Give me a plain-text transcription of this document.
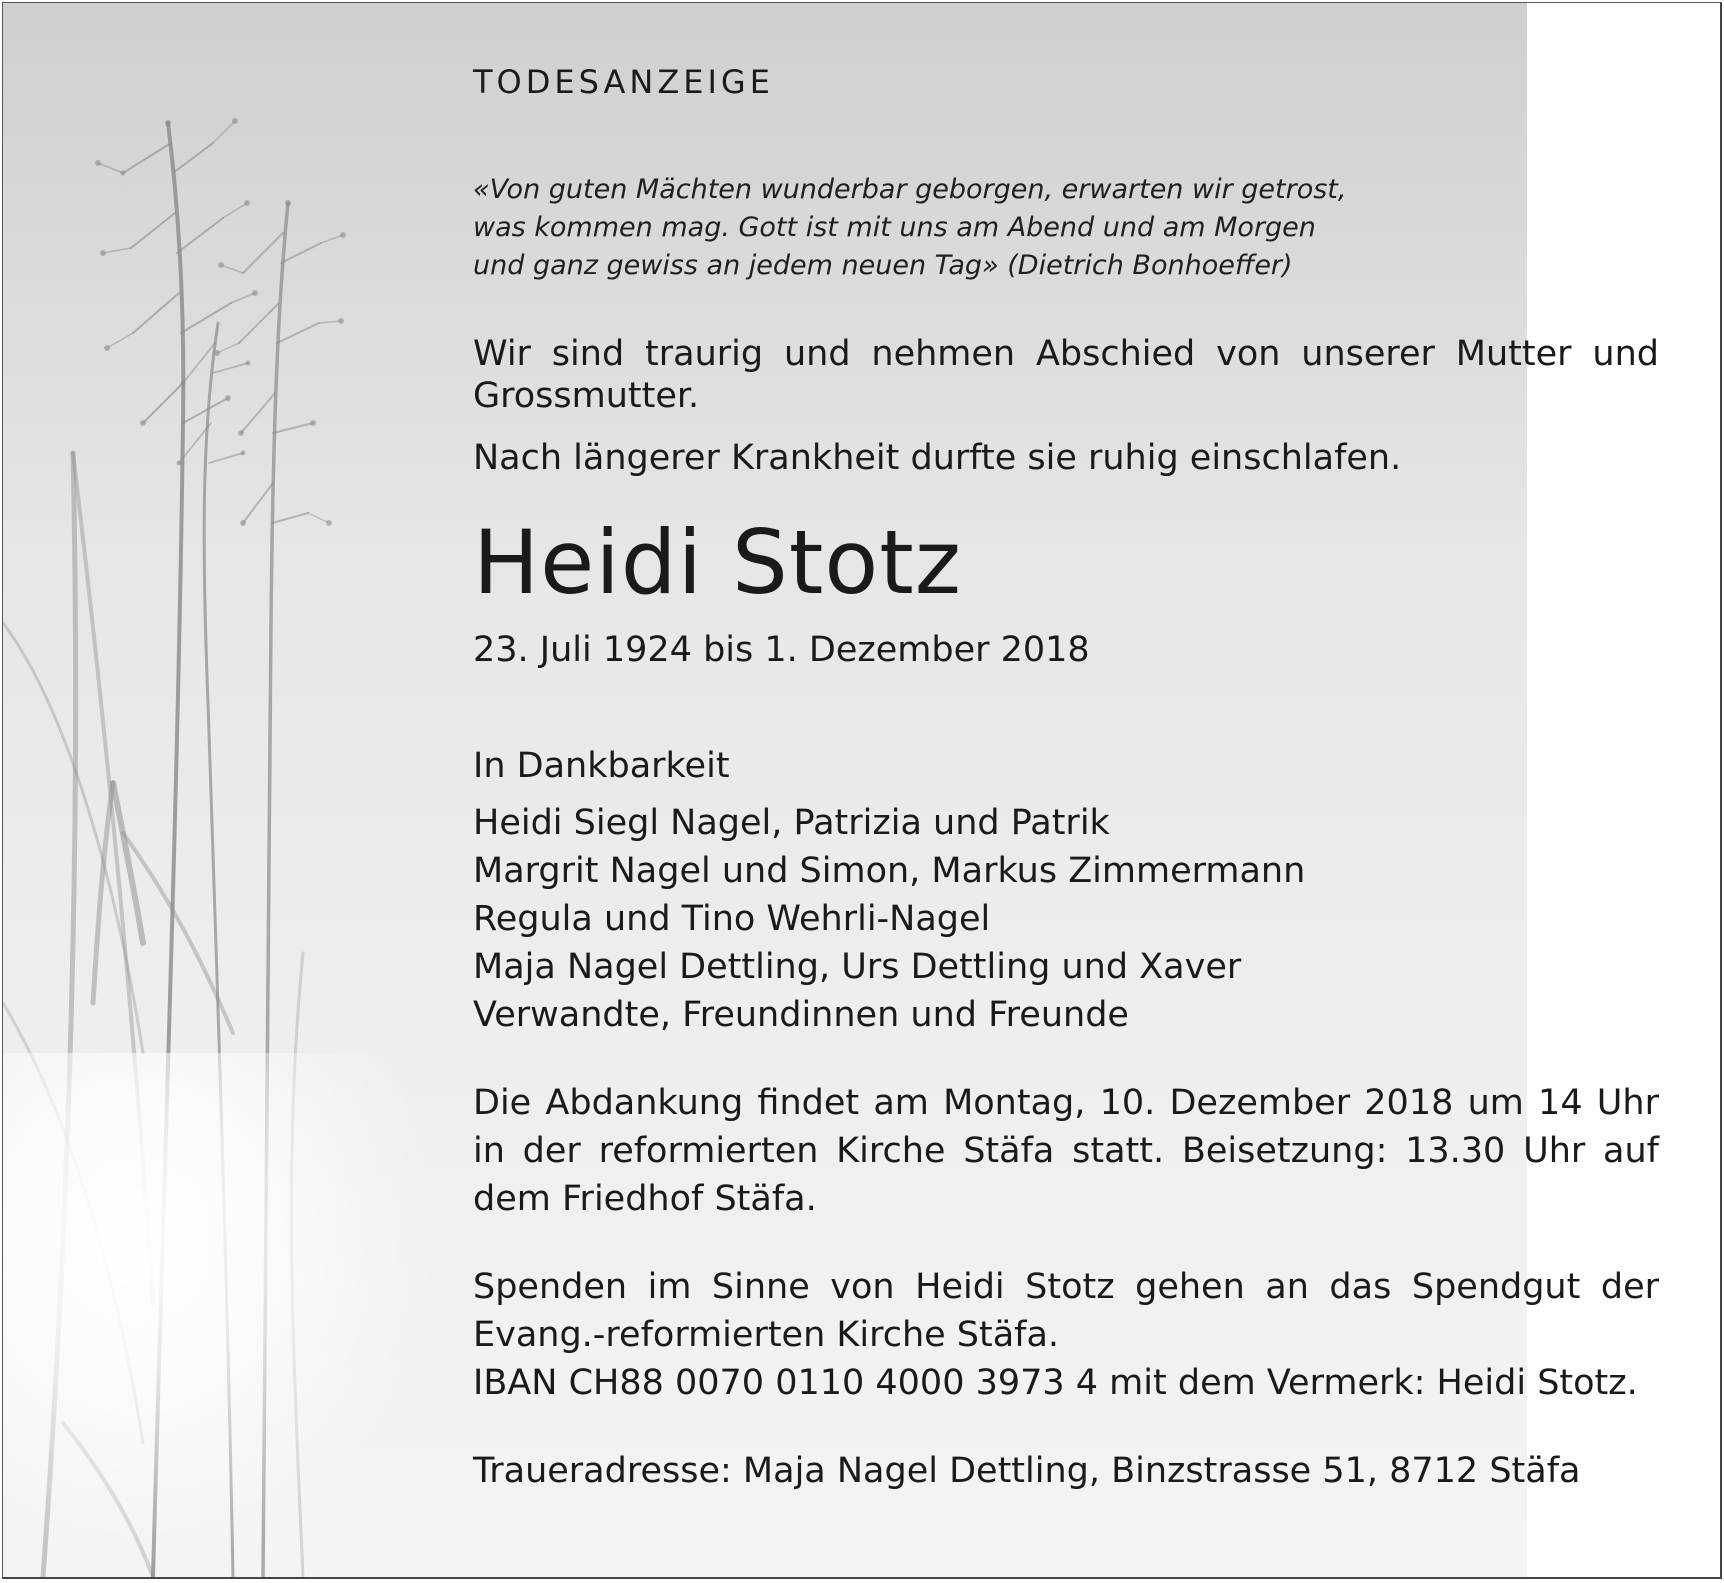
TODESANZEIGE

«Von guten Mächten wunderbar geborgen, erwarten wir getrost,
was kommen mag. Gott ist mit uns am Abend und am Morgen
und ganz gewiss an jedem neuen Tag» (Dietrich Bonhoeffer)

Wir sind traurig und nehmen Abschied von unserer Mutter und Grossmutter.

Nach längerer Krankheit durfte sie ruhig einschlafen.

Heidi Stotz

23. Juli 1924 bis 1. Dezember 2018

In Dankbarkeit

Heidi Siegl Nagel, Patrizia und Patrik
Margrit Nagel und Simon, Markus Zimmermann
Regula und Tino Wehrli-Nagel
Maja Nagel Dettling, Urs Dettling und Xaver
Verwandte, Freundinnen und Freunde

Die Abdankung findet am Montag, 10. Dezember 2018 um 14 Uhr in der reformierten Kirche Stäfa statt. Beisetzung: 13.30 Uhr auf dem Friedhof Stäfa.

Spenden im Sinne von Heidi Stotz gehen an das Spendgut der
Evang.-reformierten Kirche Stäfa.
IBAN CH88 0070 0110 4000 3973 4 mit dem Vermerk: Heidi Stotz.

Traueradresse: Maja Nagel Dettling, Binzstrasse 51, 8712 Stäfa
